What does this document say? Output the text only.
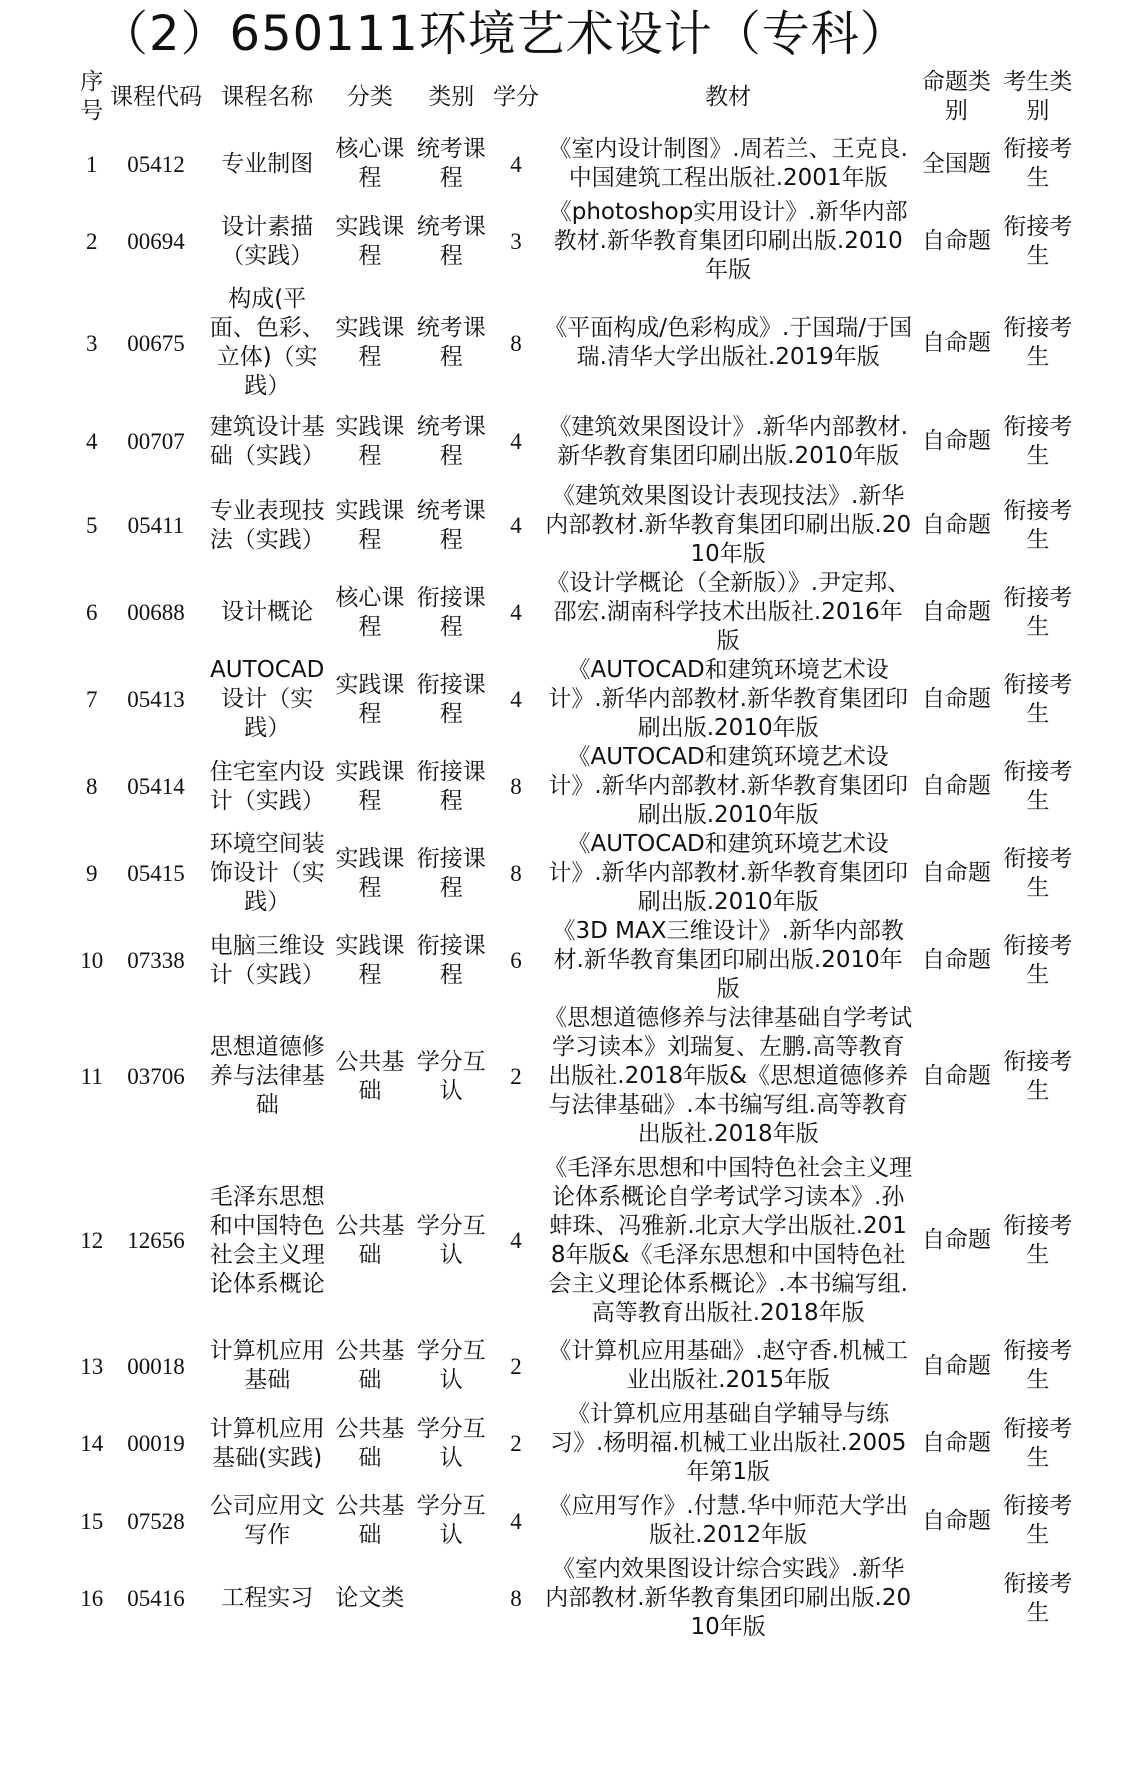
（2）650111环境艺术设计（专科）
序号	课程代码	课程名称	分类	类别	学分	教材	命题类别	考生类别
1	05412	专业制图	核心课程	统考课程	4	《室内设计制图》.周若兰、王克良.中国建筑工程出版社.2001年版	全国题	衔接考生
2	00694	设计素描（实践）	实践课程	统考课程	3	《photoshop实用设计》.新华内部教材.新华教育集团印刷出版.2010年版	自命题	衔接考生
3	00675	构成(平面、色彩、立体)（实践）	实践课程	统考课程	8	《平面构成/色彩构成》.于国瑞/于国瑞.清华大学出版社.2019年版	自命题	衔接考生
4	00707	建筑设计基础（实践）	实践课程	统考课程	4	《建筑效果图设计》.新华内部教材.新华教育集团印刷出版.2010年版	自命题	衔接考生
5	05411	专业表现技法（实践）	实践课程	统考课程	4	《建筑效果图设计表现技法》.新华内部教材.新华教育集团印刷出版.2010年版	自命题	衔接考生
6	00688	设计概论	核心课程	衔接课程	4	《设计学概论（全新版）》.尹定邦、邵宏.湖南科学技术出版社.2016年版	自命题	衔接考生
7	05413	AUTOCAD设计（实践）	实践课程	衔接课程	4	《AUTOCAD和建筑环境艺术设计》.新华内部教材.新华教育集团印刷出版.2010年版	自命题	衔接考生
8	05414	住宅室内设计（实践）	实践课程	衔接课程	8	《AUTOCAD和建筑环境艺术设计》.新华内部教材.新华教育集团印刷出版.2010年版	自命题	衔接考生
9	05415	环境空间装饰设计（实践）	实践课程	衔接课程	8	《AUTOCAD和建筑环境艺术设计》.新华内部教材.新华教育集团印刷出版.2010年版	自命题	衔接考生
10	07338	电脑三维设计（实践）	实践课程	衔接课程	6	《3D MAX三维设计》.新华内部教材.新华教育集团印刷出版.2010年版	自命题	衔接考生
11	03706	思想道德修养与法律基础	公共基础	学分互认	2	《思想道德修养与法律基础自学考试学习读本》刘瑞复、左鹏.高等教育出版社.2018年版&《思想道德修养与法律基础》.本书编写组.高等教育出版社.2018年版	自命题	衔接考生
12	12656	毛泽东思想和中国特色社会主义理论体系概论	公共基础	学分互认	4	《毛泽东思想和中国特色社会主义理论体系概论自学考试学习读本》.孙蚌珠、冯雅新.北京大学出版社.2018年版&《毛泽东思想和中国特色社会主义理论体系概论》.本书编写组.高等教育出版社.2018年版	自命题	衔接考生
13	00018	计算机应用基础	公共基础	学分互认	2	《计算机应用基础》.赵守香.机械工业出版社.2015年版	自命题	衔接考生
14	00019	计算机应用基础(实践)	公共基础	学分互认	2	《计算机应用基础自学辅导与练习》.杨明福.机械工业出版社.2005年第1版	自命题	衔接考生
15	07528	公司应用文写作	公共基础	学分互认	4	《应用写作》.付慧.华中师范大学出版社.2012年版	自命题	衔接考生
16	05416	工程实习	论文类		8	《室内效果图设计综合实践》.新华内部教材.新华教育集团印刷出版.2010年版		衔接考生
